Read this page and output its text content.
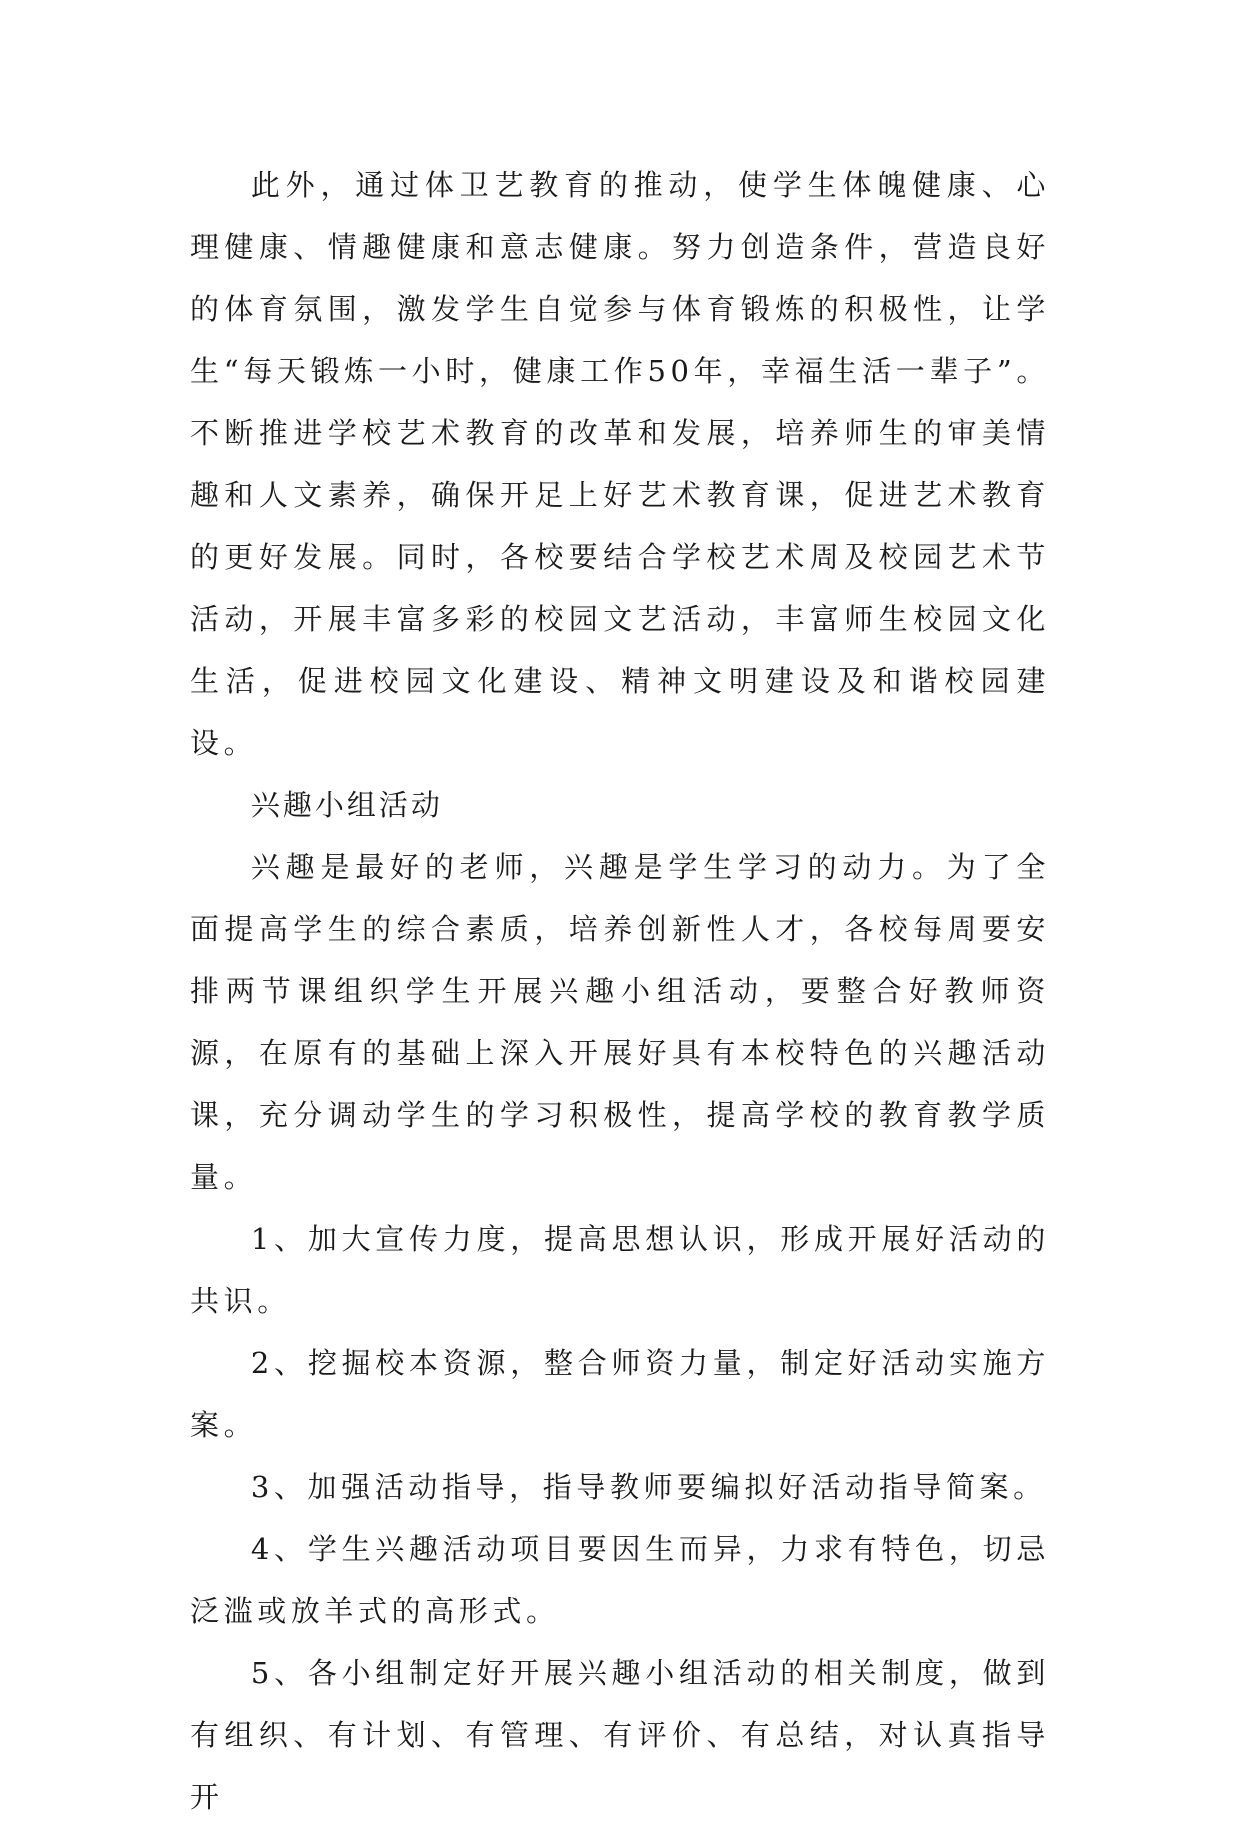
此外，通过体卫艺教育的推动，使学生体魄健康、心理健康、情趣健康和意志健康。努力创造条件，营造良好的体育氛围，激发学生自觉参与体育锻炼的积极性，让学生“每天锻炼一小时，健康工作50年，幸福生活一辈子”。不断推进学校艺术教育的改革和发展，培养师生的审美情趣和人文素养，确保开足上好艺术教育课，促进艺术教育的更好发展。同时，各校要结合学校艺术周及校园艺术节活动，开展丰富多彩的校园文艺活动，丰富师生校园文化生活，促进校园文化建设、精神文明建设及和谐校园建设。

兴趣小组活动

兴趣是最好的老师，兴趣是学生学习的动力。为了全面提高学生的综合素质，培养创新性人才，各校每周要安排两节课组织学生开展兴趣小组活动，要整合好教师资源，在原有的基础上深入开展好具有本校特色的兴趣活动课，充分调动学生的学习积极性，提高学校的教育教学质量。

1、加大宣传力度，提高思想认识，形成开展好活动的共识。

2、挖掘校本资源，整合师资力量，制定好活动实施方案。

3、加强活动指导，指导教师要编拟好活动指导简案。

4、学生兴趣活动项目要因生而异，力求有特色，切忌泛滥或放羊式的高形式。

5、各小组制定好开展兴趣小组活动的相关制度，做到有组织、有计划、有管理、有评价、有总结，对认真指导开
